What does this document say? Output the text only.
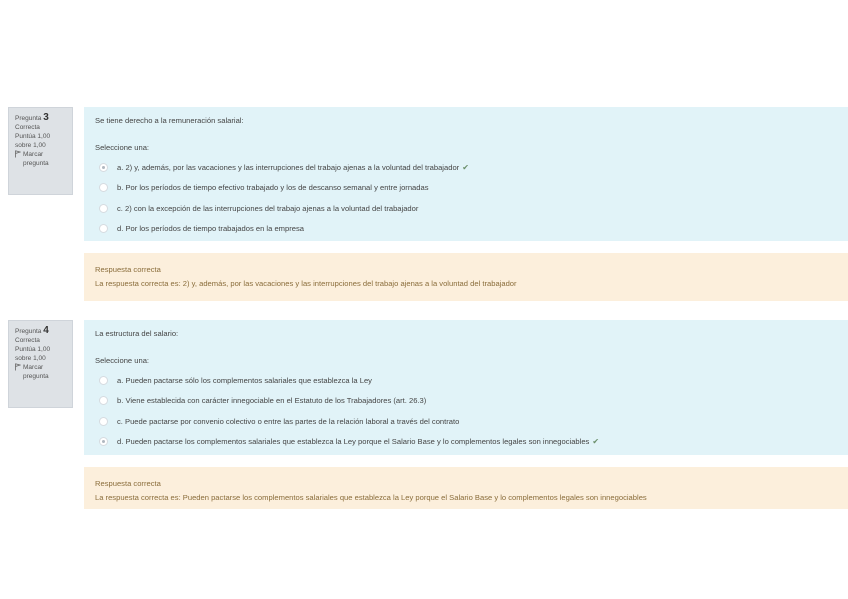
Pregunta 3
Correcta
Puntúa 1,00
sobre 1,00
Marcar
pregunta
Se tiene derecho a la remuneración salarial:
Seleccione una:
a. 2) y, además, por las vacaciones y las interrupciones del trabajo ajenas a la voluntad del trabajador ✔
b. Por los períodos de tiempo efectivo trabajado y los de descanso semanal y entre jornadas
c. 2) con la excepción de las interrupciones del trabajo ajenas a la voluntad del trabajador
d. Por los períodos de tiempo trabajados en la empresa
Respuesta correcta
La respuesta correcta es: 2) y, además, por las vacaciones y las interrupciones del trabajo ajenas a la voluntad del trabajador
Pregunta 4
Correcta
Puntúa 1,00
sobre 1,00
Marcar
pregunta
La estructura del salario:
Seleccione una:
a. Pueden pactarse sólo los complementos salariales que establezca la Ley
b. Viene establecida con carácter innegociable en el Estatuto de los Trabajadores (art. 26.3)
c. Puede pactarse por convenio colectivo o entre las partes de la relación laboral a través del contrato
d. Pueden pactarse los complementos salariales que establezca la Ley porque el Salario Base y lo complementos legales son innegociables ✔
Respuesta correcta
La respuesta correcta es: Pueden pactarse los complementos salariales que establezca la Ley porque el Salario Base y lo complementos legales son innegociables
